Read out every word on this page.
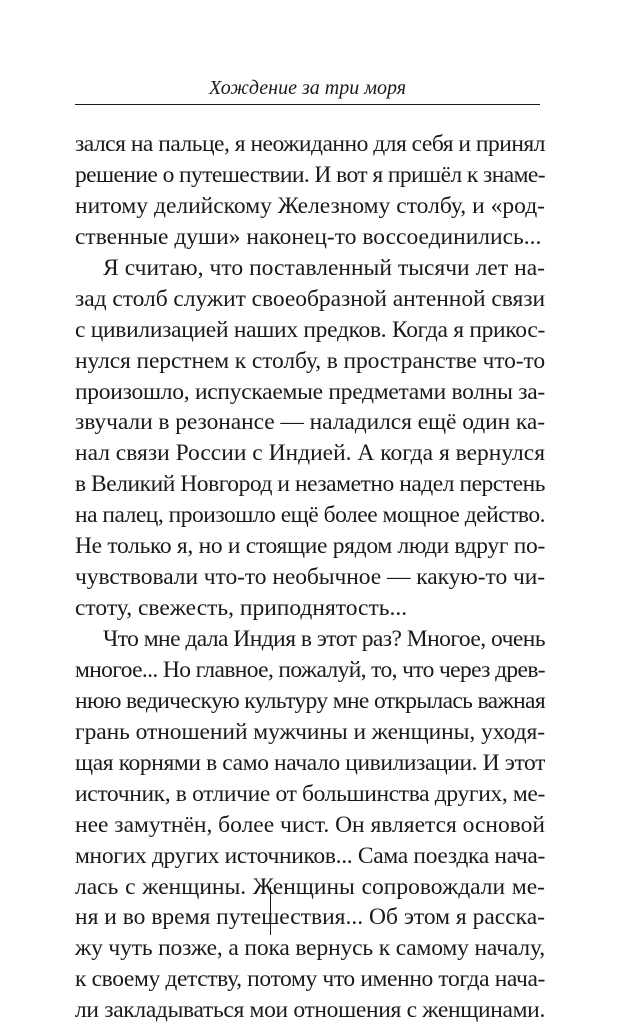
Хождение за три моря
зался на пальце, я неожиданно для себя и принял
решение о путешествии. И вот я пришёл к знаме-
нитому делийскому Железному столбу, и «род-
ственные души» наконец-то воссоединились...
Я считаю, что поставленный тысячи лет на-
зад столб служит своеобразной антенной связи
с цивилизацией наших предков. Когда я прикос-
нулся перстнем к столбу, в пространстве что-то
произошло, испускаемые предметами волны за-
звучали в резонансе — наладился ещё один ка-
нал связи России с Индией. А когда я вернулся
в Великий Новгород и незаметно надел перстень
на палец, произошло ещё более мощное действо.
Не только я, но и стоящие рядом люди вдруг по-
чувствовали что-то необычное — какую-то чи-
стоту, свежесть, приподнятость...
Что мне дала Индия в этот раз? Многое, очень
многое... Но главное, пожалуй, то, что через древ-
нюю ведическую культуру мне открылась важная
грань отношений мужчины и женщины, уходя-
щая корнями в само начало цивилизации. И этот
источник, в отличие от большинства других, ме-
нее замутнён, более чист. Он является основой
многих других источников... Сама поездка нача-
лась с женщины. Женщины сопровождали ме-
ня и во время путешествия... Об этом я расска-
жу чуть позже, а пока вернусь к самому началу,
к своему детству, потому что именно тогда нача-
ли закладываться мои отношения с женщинами.
